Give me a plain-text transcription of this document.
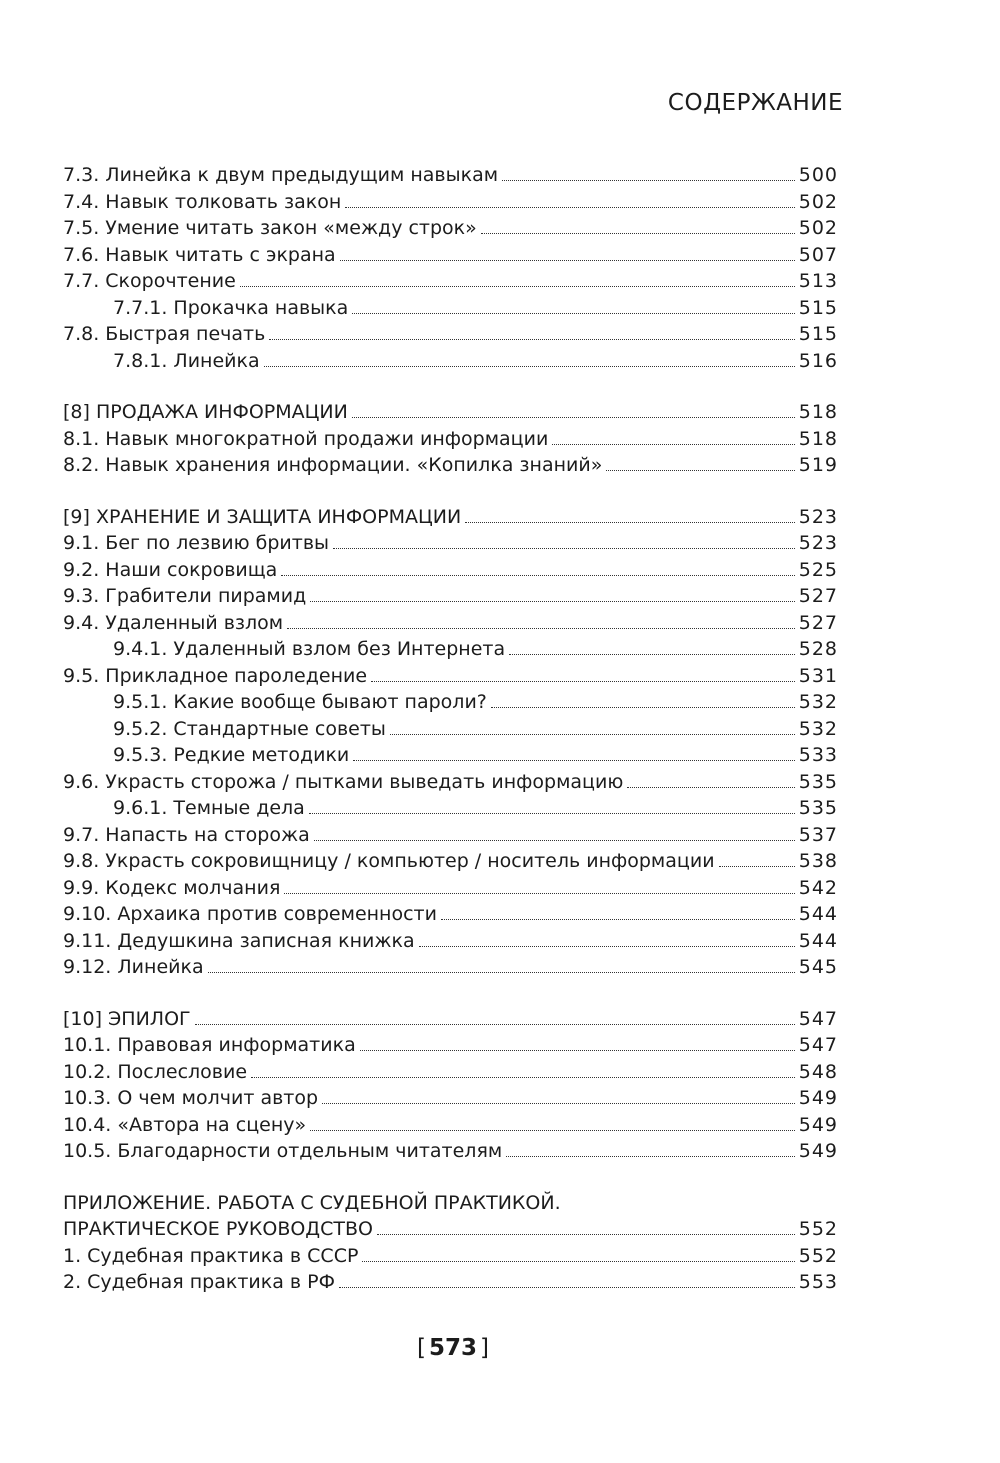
СОДЕРЖАНИЕ
7.3. Линейка к двум предыдущим навыкам	500
7.4. Навык толковать закон	502
7.5. Умение читать закон «между строк»	502
7.6. Навык читать с экрана	507
7.7. Скорочтение	513
7.7.1. Прокачка навыка	515
7.8. Быстрая печать	515
7.8.1. Линейка	516
[8] ПРОДАЖА ИНФОРМАЦИИ	518
8.1. Навык многократной продажи информации	518
8.2. Навык хранения информации. «Копилка знаний»	519
[9] ХРАНЕНИЕ И ЗАЩИТА ИНФОРМАЦИИ	523
9.1. Бег по лезвию бритвы	523
9.2. Наши сокровища	525
9.3. Грабители пирамид	527
9.4. Удаленный взлом	527
9.4.1. Удаленный взлом без Интернета	528
9.5. Прикладное пароледение	531
9.5.1. Какие вообще бывают пароли?	532
9.5.2. Стандартные советы	532
9.5.3. Редкие методики	533
9.6. Украсть сторожа / пытками выведать информацию	535
9.6.1. Темные дела	535
9.7. Напасть на сторожа	537
9.8. Украсть сокровищницу / компьютер / носитель информации	538
9.9. Кодекс молчания	542
9.10. Архаика против современности	544
9.11. Дедушкина записная книжка	544
9.12. Линейка	545
[10] ЭПИЛОГ	547
10.1. Правовая информатика	547
10.2. Послесловие	548
10.3. О чем молчит автор	549
10.4. «Автора на сцену»	549
10.5. Благодарности отдельным читателям	549
ПРИЛОЖЕНИЕ. РАБОТА С СУДЕБНОЙ ПРАКТИКОЙ.
ПРАКТИЧЕСКОЕ РУКОВОДСТВО	552
1. Судебная практика в СССР	552
2. Судебная практика в РФ	553
[ 573 ]
